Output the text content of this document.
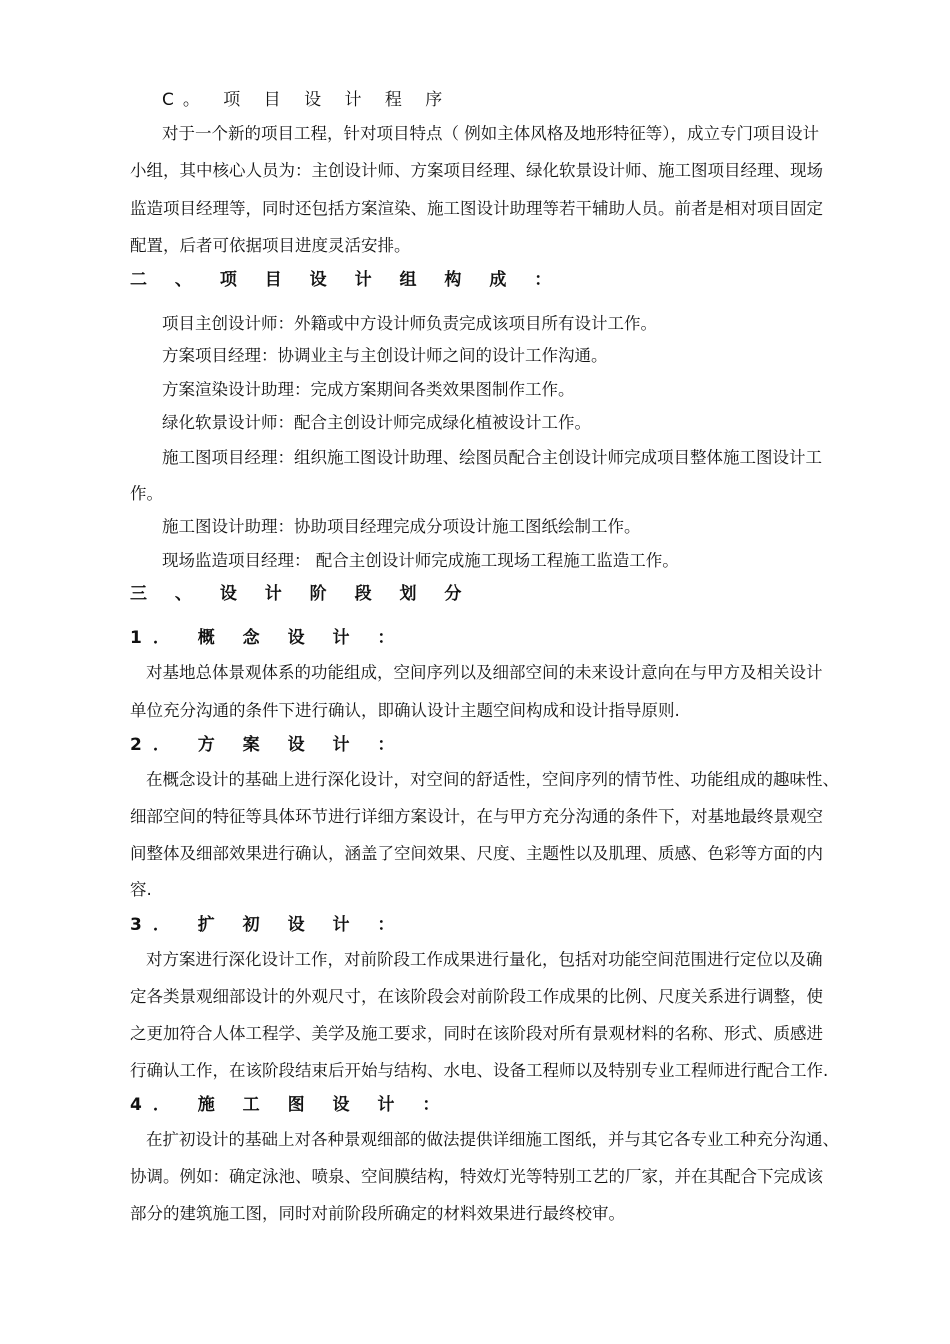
C。 项 目 设 计 程 序
对于一个新的项目工程，针对项目特点（ 例如主体风格及地形特征等），成立专门项目设计
小组，其中核心人员为：主创设计师、方案项目经理、绿化软景设计师、施工图项目经理、现场
监造项目经理等，同时还包括方案渲染、施工图设计助理等若干辅助人员。前者是相对项目固定
配置，后者可依据项目进度灵活安排。
二 、 项 目 设 计 组 构 成 ：
项目主创设计师：外籍或中方设计师负责完成该项目所有设计工作。
方案项目经理：协调业主与主创设计师之间的设计工作沟通。
方案渲染设计助理：完成方案期间各类效果图制作工作。
绿化软景设计师：配合主创设计师完成绿化植被设计工作。
施工图项目经理：组织施工图设计助理、绘图员配合主创设计师完成项目整体施工图设计工
作。
施工图设计助理：协助项目经理完成分项设计施工图纸绘制工作。
现场监造项目经理： 配合主创设计师完成施工现场工程施工监造工作。
三 、 设 计 阶 段 划 分
1． 概 念 设 计 ：
对基地总体景观体系的功能组成，空间序列以及细部空间的未来设计意向在与甲方及相关设计
单位充分沟通的条件下进行确认，即确认设计主题空间构成和设计指导原则.
2． 方 案 设 计 ：
在概念设计的基础上进行深化设计，对空间的舒适性，空间序列的情节性、功能组成的趣味性、
细部空间的特征等具体环节进行详细方案设计，在与甲方充分沟通的条件下，对基地最终景观空
间整体及细部效果进行确认，涵盖了空间效果、尺度、主题性以及肌理、质感、色彩等方面的内
容.
3． 扩 初 设 计 ：
对方案进行深化设计工作，对前阶段工作成果进行量化，包括对功能空间范围进行定位以及确
定各类景观细部设计的外观尺寸，在该阶段会对前阶段工作成果的比例、尺度关系进行调整，使
之更加符合人体工程学、美学及施工要求，同时在该阶段对所有景观材料的名称、形式、质感进
行确认工作，在该阶段结束后开始与结构、水电、设备工程师以及特别专业工程师进行配合工作.
4． 施 工 图 设 计 ：
在扩初设计的基础上对各种景观细部的做法提供详细施工图纸，并与其它各专业工种充分沟通、
协调。例如：确定泳池、喷泉、空间膜结构，特效灯光等特别工艺的厂家，并在其配合下完成该
部分的建筑施工图，同时对前阶段所确定的材料效果进行最终校审。
